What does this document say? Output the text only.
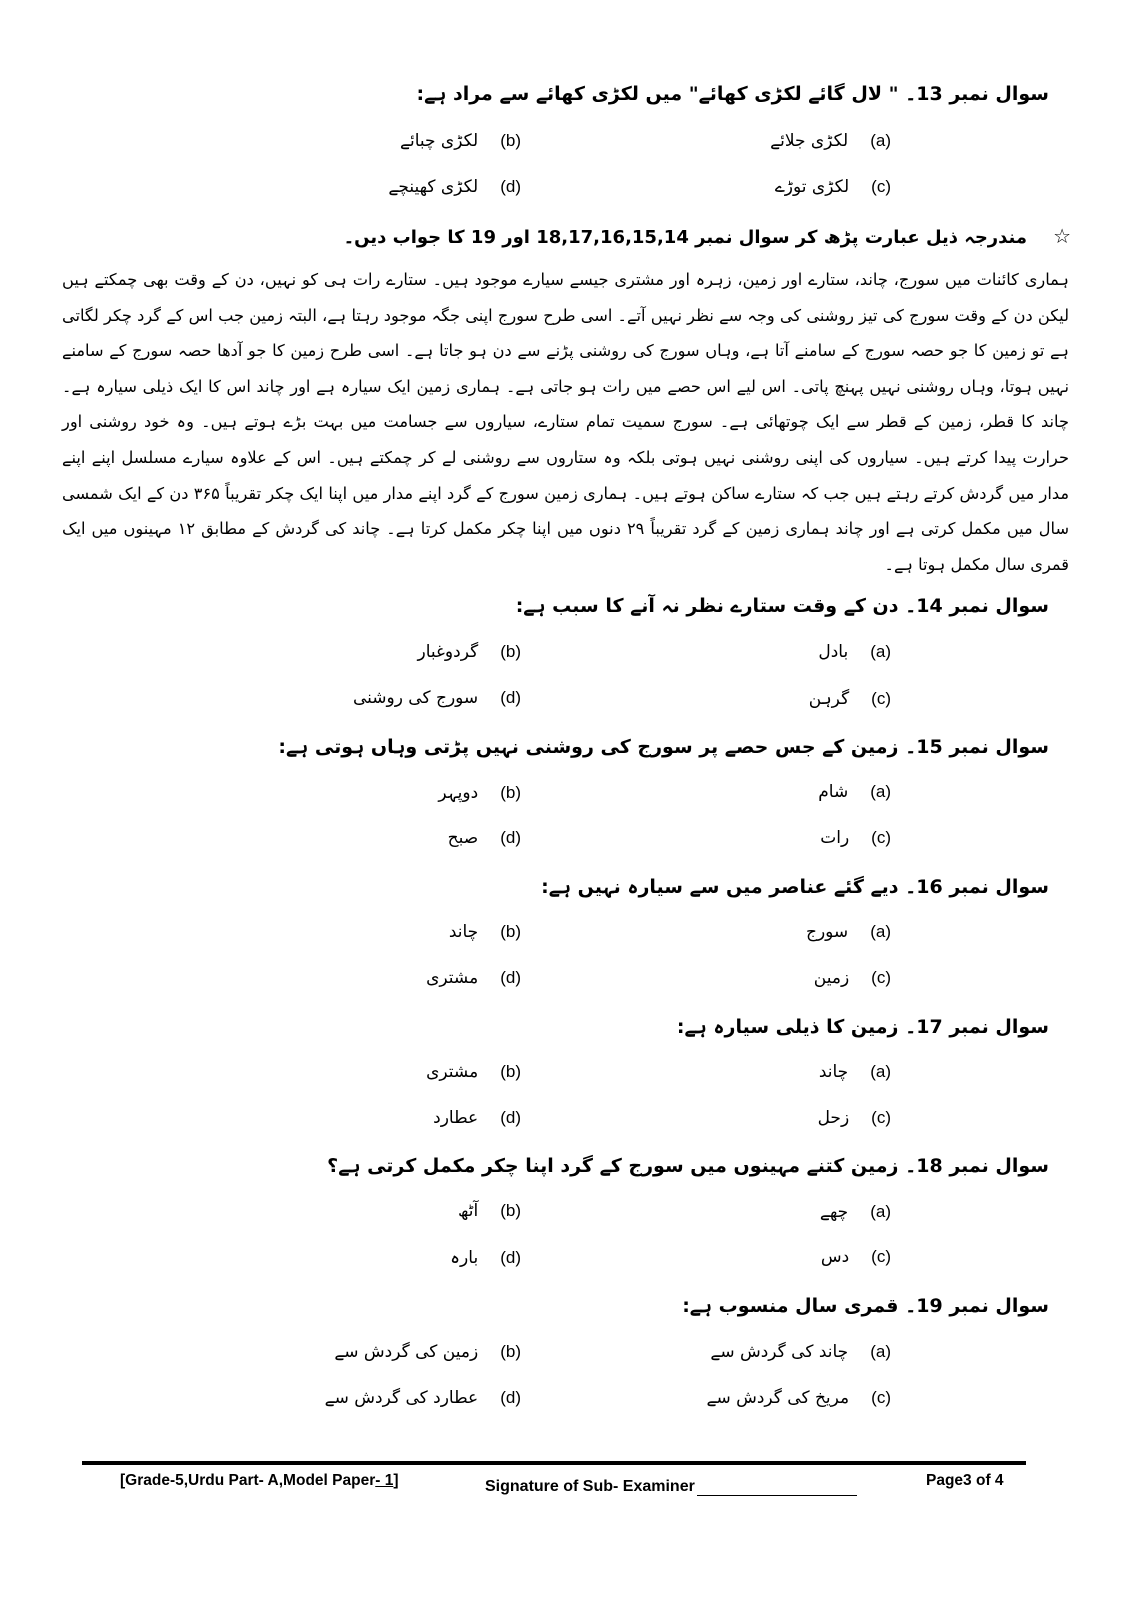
سوال نمبر 13۔ " لال گائے لکڑی کھائے" میں لکڑی کھائے سے مراد ہے:
(a)لکڑی جلائے
(b)لکڑی چبائے
(c)لکڑی توڑے
(d)لکڑی کھینچے
☆مندرجہ ذیل عبارت پڑھ کر سوال نمبر 18,17,16,15,14 اور 19 کا جواب دیں۔
ہماری کائنات میں سورج، چاند، ستارے اور زمین، زہرہ اور مشتری جیسے سیارے موجود ہیں۔ ستارے رات ہی کو نہیں، دن کے وقت بھی چمکتے ہیں لیکن دن کے وقت سورج کی تیز روشنی کی وجہ سے نظر نہیں آتے۔ اسی طرح سورج اپنی جگہ موجود رہتا ہے، البتہ زمین جب اس کے گرد چکر لگاتی ہے تو زمین کا جو حصہ سورج کے سامنے آتا ہے، وہاں سورج کی روشنی پڑنے سے دن ہو جاتا ہے۔ اسی طرح زمین کا جو آدھا حصہ سورج کے سامنے نہیں ہوتا، وہاں روشنی نہیں پہنچ پاتی۔ اس لیے اس حصے میں رات ہو جاتی ہے۔ ہماری زمین ایک سیارہ ہے اور چاند اس کا ایک ذیلی سیارہ ہے۔ چاند کا قطر، زمین کے قطر سے ایک چوتھائی ہے۔ سورج سمیت تمام ستارے، سیاروں سے جسامت میں بہت بڑے ہوتے ہیں۔ وہ خود روشنی اور حرارت پیدا کرتے ہیں۔ سیاروں کی اپنی روشنی نہیں ہوتی بلکہ وہ ستاروں سے روشنی لے کر چمکتے ہیں۔ اس کے علاوہ سیارے مسلسل اپنے اپنے مدار میں گردش کرتے رہتے ہیں جب کہ ستارے ساکن ہوتے ہیں۔ ہماری زمین سورج کے گرد اپنے مدار میں اپنا ایک چکر تقریباً ۳۶۵ دن کے ایک شمسی سال میں مکمل کرتی ہے اور چاند ہماری زمین کے گرد تقریباً ۲۹ دنوں میں اپنا چکر مکمل کرتا ہے۔ چاند کی گردش کے مطابق ۱۲ مہینوں میں ایک قمری سال مکمل ہوتا ہے۔
سوال نمبر 14۔ دن کے وقت ستارے نظر نہ آنے کا سبب ہے:
(a)بادل
(b)گردوغبار
(c)گرہن
(d)سورج کی روشنی
سوال نمبر 15۔ زمین کے جس حصے پر سورج کی روشنی نہیں پڑتی وہاں ہوتی ہے:
(a)شام
(b)دوپہر
(c)رات
(d)صبح
سوال نمبر 16۔ دیے گئے عناصر میں سے سیارہ نہیں ہے:
(a)سورج
(b)چاند
(c)زمین
(d)مشتری
سوال نمبر 17۔ زمین کا ذیلی سیارہ ہے:
(a)چاند
(b)مشتری
(c)زحل
(d)عطارد
سوال نمبر 18۔ زمین کتنے مہینوں میں سورج کے گرد اپنا چکر مکمل کرتی ہے؟
(a)چھے
(b)آٹھ
(c)دس
(d)بارہ
سوال نمبر 19۔ قمری سال منسوب ہے:
(a)چاند کی گردش سے
(b)زمین کی گردش سے
(c)مریخ کی گردش سے
(d)عطارد کی گردش سے
[Grade-5,Urdu Part- A,Model Paper- 1]	Signature of Sub- Examiner	Page3 of 4
